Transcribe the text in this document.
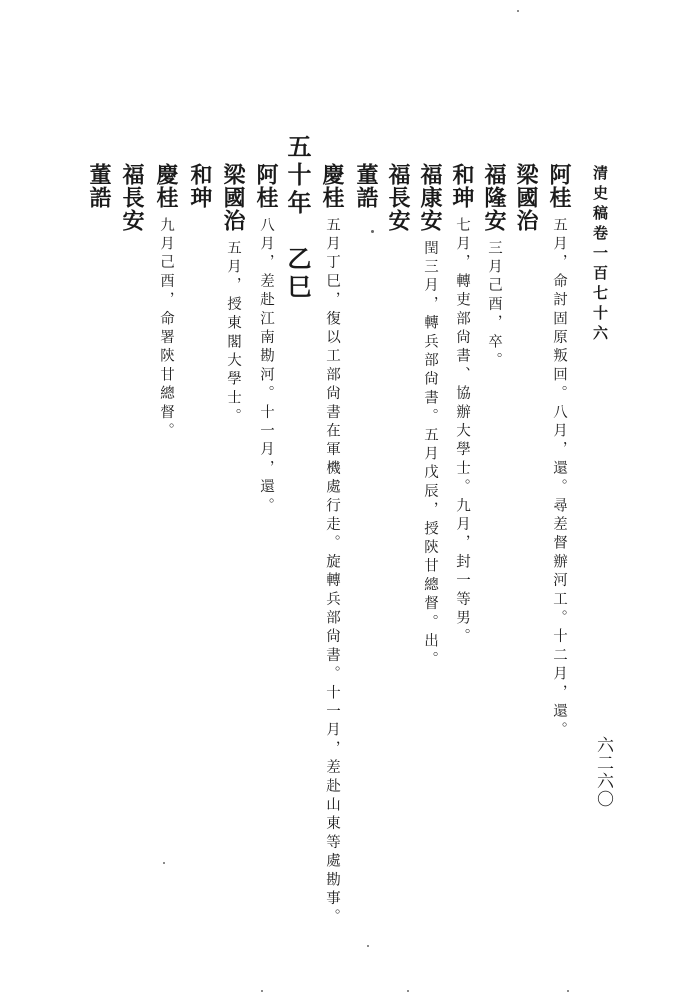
清史稿卷一百七十六
六二六〇
阿桂五月，命討固原叛回。八月，還。尋差督辦河工。十二月，還。
梁國治
福隆安三月己酉，卒。
和珅七月，轉吏部尙書、協辦大學士。九月，封一等男。
福康安閏三月，轉兵部尙書。五月戊辰，授陝甘總督。出。
福長安
董誥
慶桂五月丁巳，復以工部尙書在軍機處行走。旋轉兵部尙書。十一月，差赴山東等處勘事。
五十年　乙巳
阿桂八月，差赴江南勘河。十一月，還。
梁國治五月，授東閣大學士。
和珅
慶桂九月己酉，命署陝甘總督。
福長安
董誥
